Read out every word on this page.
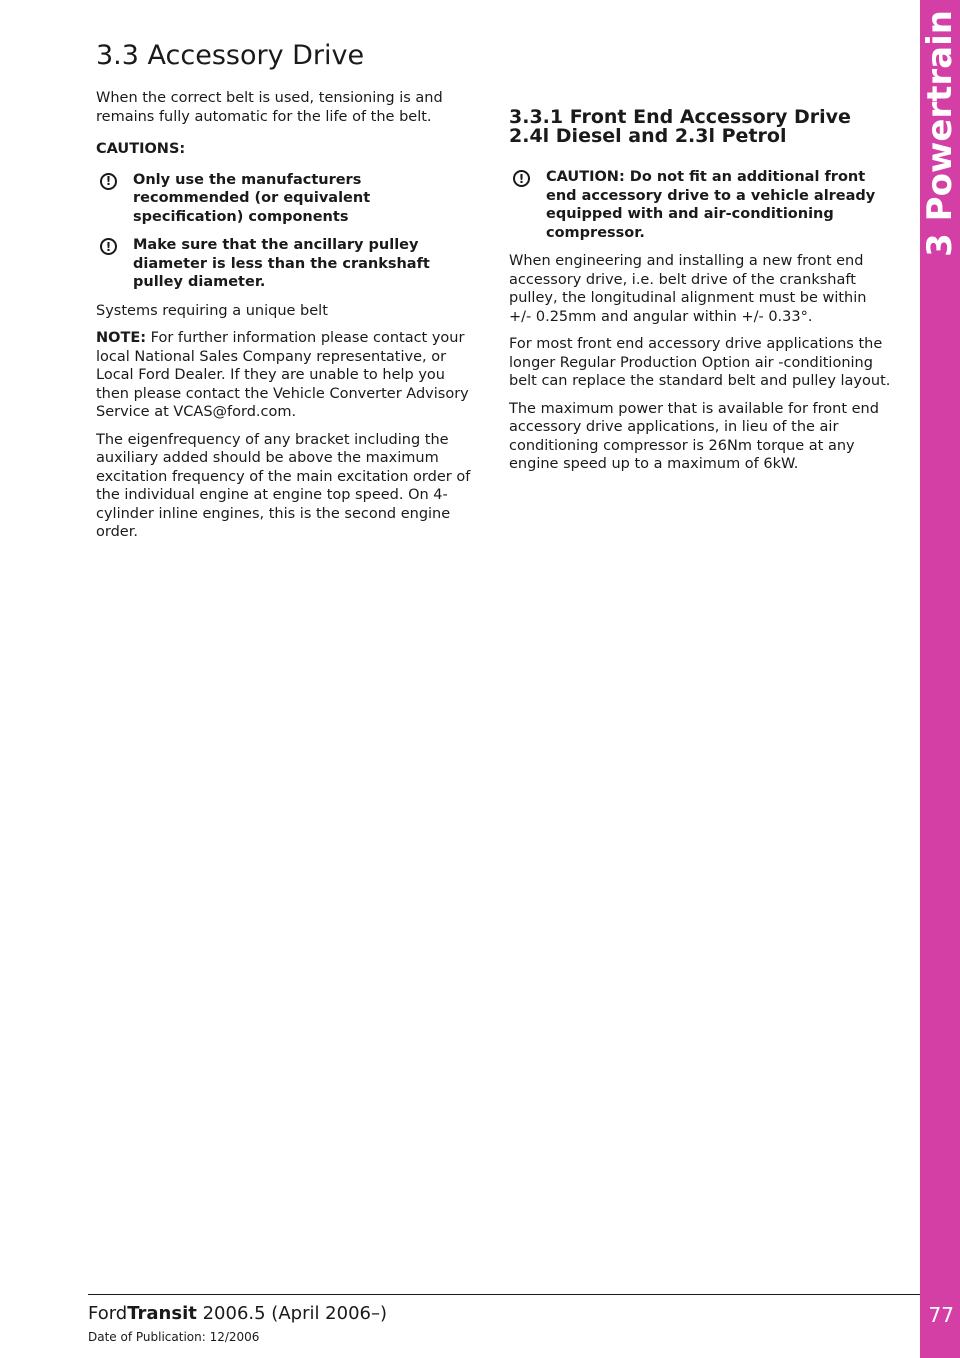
3 Powertrain
77
3.3 Accessory Drive

When the correct belt is used, tensioning is and remains fully automatic for the life of the belt.

CAUTIONS:

!	Only use the manufacturers recommended (or equivalent specification) components
!	Make sure that the ancillary pulley diameter is less than the crankshaft pulley diameter.

Systems requiring a unique belt

NOTE: For further information please contact your local National Sales Company representative, or Local Ford Dealer. If they are unable to help you then please contact the Vehicle Converter Advisory Service at VCAS@ford.com.

The eigenfrequency of any bracket including the auxiliary added should be above the maximum excitation frequency of the main excitation order of the individual engine at engine top speed. On 4-cylinder inline engines, this is the second engine order.

3.3.1 Front End Accessory Drive
2.4l Diesel and 2.3l Petrol
!	CAUTION: Do not fit an additional front end accessory drive to a vehicle already equipped with and air-conditioning compressor.

When engineering and installing a new front end accessory drive, i.e. belt drive of the crankshaft pulley, the longitudinal alignment must be within +/- 0.25mm and angular within +/- 0.33°.

For most front end accessory drive applications the longer Regular Production Option air -conditioning belt can replace the standard belt and pulley layout.

The maximum power that is available for front end accessory drive applications, in lieu of the air conditioning compressor is 26Nm torque at any engine speed up to a maximum of 6kW.

FordTransit 2006.5 (April 2006–)
Date of Publication: 12/2006
